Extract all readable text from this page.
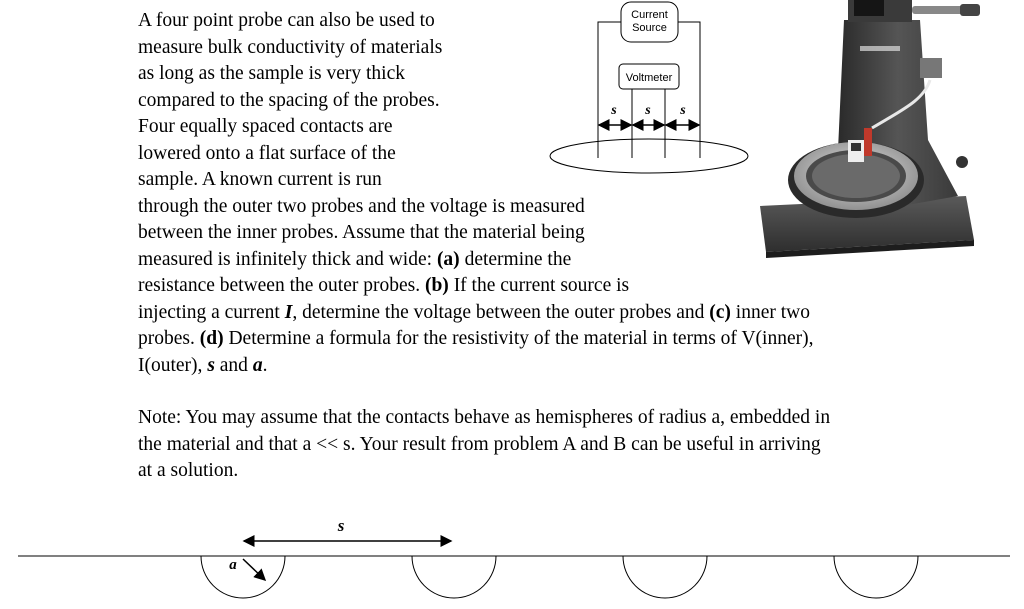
A four point probe can also be used to
measure bulk conductivity of materials
as long as the sample is very thick
compared to the spacing of the probes.
Four equally spaced contacts are
lowered onto a flat surface of the
sample. A known current is run
through the outer two probes and the voltage is measured
between the inner probes. Assume that the material being
measured is infinitely thick and wide: (a) determine the
resistance between the outer probes. (b) If the current source is
injecting a current I, determine the voltage between the outer probes and (c) inner two
probes. (d) Determine a formula for the resistivity of the material in terms of V(inner),
I(outer), s and a.
Note: You may assume that the contacts behave as hemispheres of radius a, embedded in
the material and that a << s. Your result from problem A and B can be useful in arriving
at a solution.
Current
Source
Voltmeter
s s s
s
a
